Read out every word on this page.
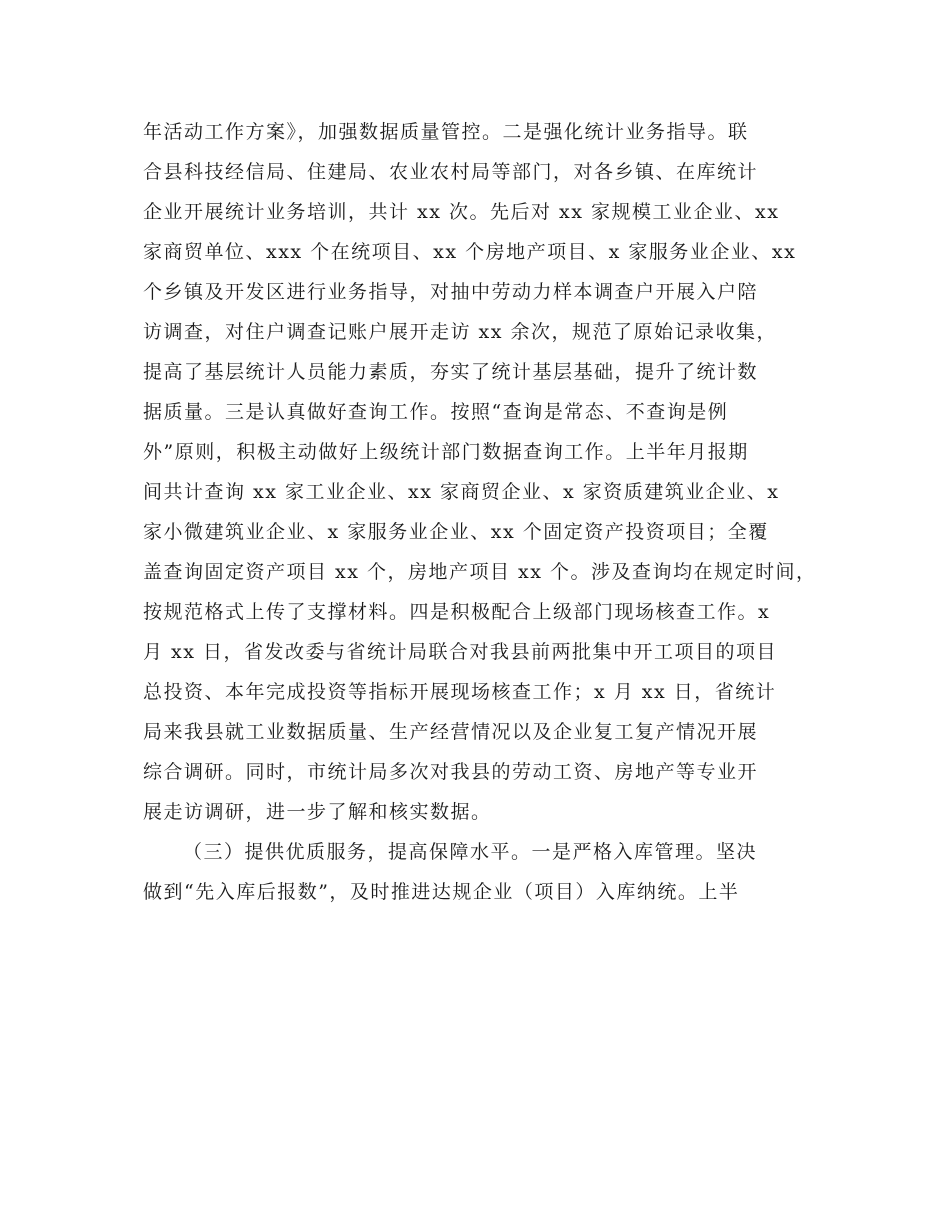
年活动工作方案》，加强数据质量管控。二是强化统计业务指导。联
合县科技经信局、住建局、农业农村局等部门，对各乡镇、在库统计
企业开展统计业务培训，共计 xx 次。先后对 xx 家规模工业企业、xx
家商贸单位、xxx 个在统项目、xx 个房地产项目、x 家服务业企业、xx
个乡镇及开发区进行业务指导，对抽中劳动力样本调查户开展入户陪
访调查，对住户调查记账户展开走访 xx 余次，规范了原始记录收集，
提高了基层统计人员能力素质，夯实了统计基层基础，提升了统计数
据质量。三是认真做好查询工作。按照“查询是常态、不查询是例
外”原则，积极主动做好上级统计部门数据查询工作。上半年月报期
间共计查询 xx 家工业企业、xx 家商贸企业、x 家资质建筑业企业、x
家小微建筑业企业、x 家服务业企业、xx 个固定资产投资项目；全覆
盖查询固定资产项目 xx 个，房地产项目 xx 个。涉及查询均在规定时间，
按规范格式上传了支撑材料。四是积极配合上级部门现场核查工作。x
月 xx 日，省发改委与省统计局联合对我县前两批集中开工项目的项目
总投资、本年完成投资等指标开展现场核查工作；x 月 xx 日，省统计
局来我县就工业数据质量、生产经营情况以及企业复工复产情况开展
综合调研。同时，市统计局多次对我县的劳动工资、房地产等专业开
展走访调研，进一步了解和核实数据。
（三）提供优质服务，提高保障水平。一是严格入库管理。坚决
做到“先入库后报数”，及时推进达规企业（项目）入库纳统。上半
